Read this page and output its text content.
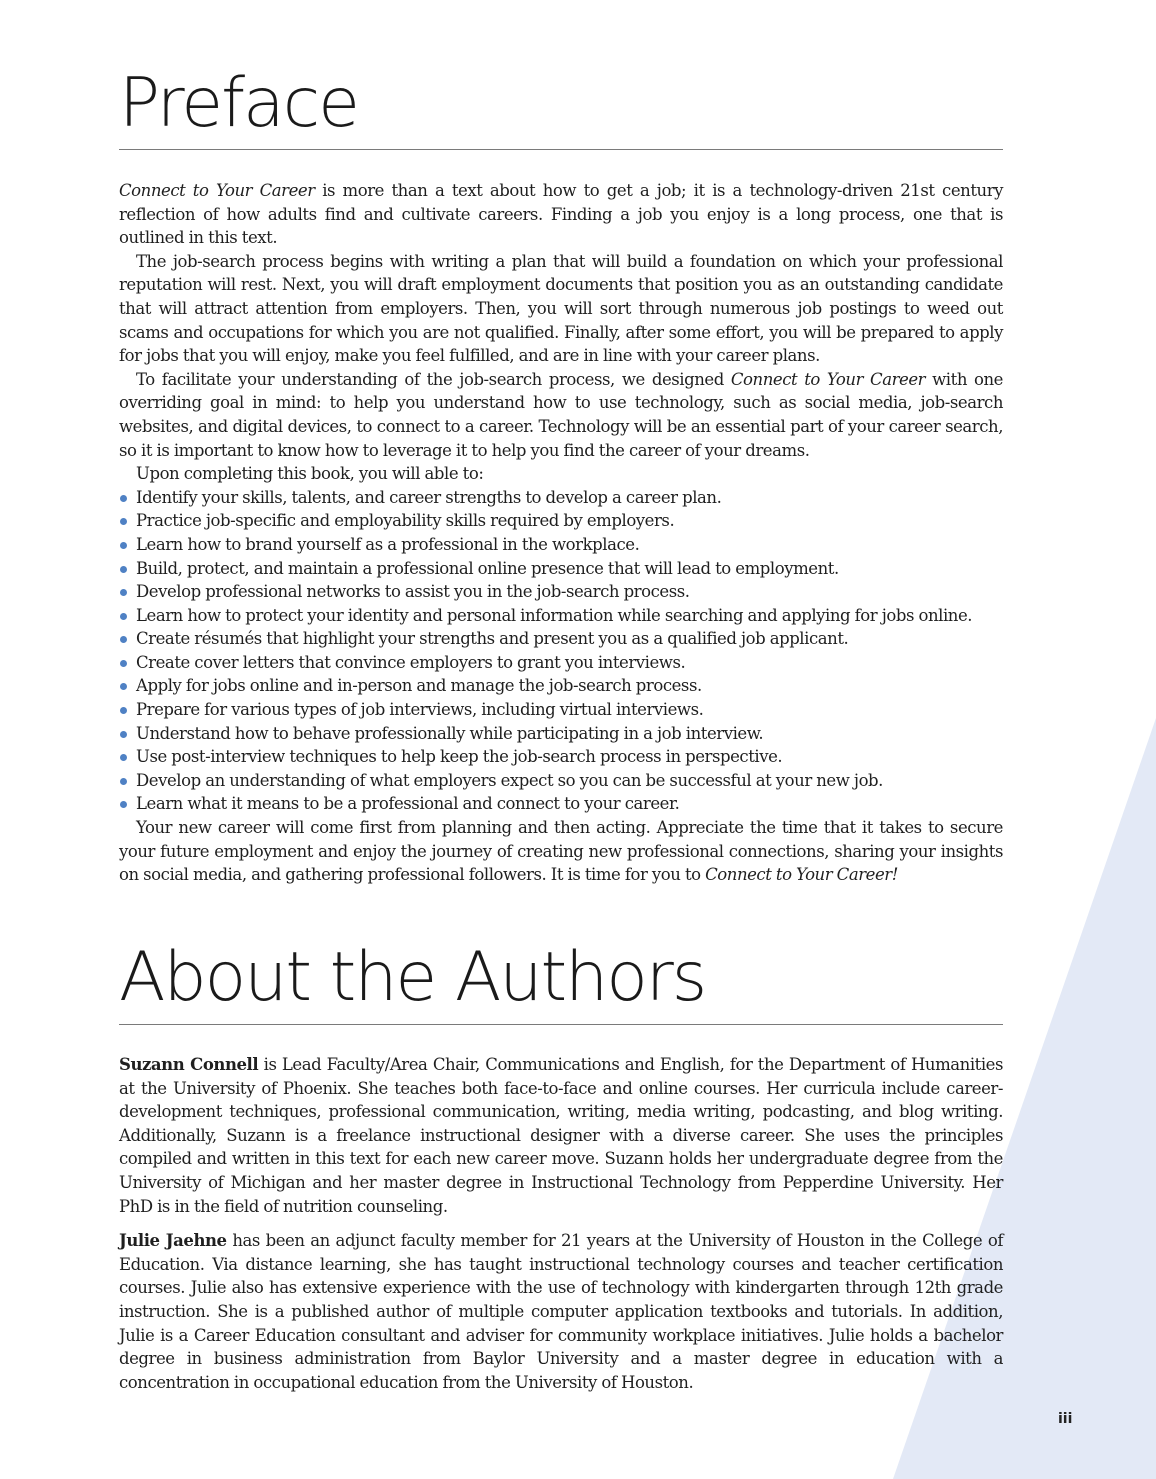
Preface

Connect to Your Career is more than a text about how to get a job; it is a technology-driven 21st century reflection of how adults find and cultivate careers. Finding a job you enjoy is a long process, one that is outlined in this text.

The job-search process begins with writing a plan that will build a foundation on which your professional reputation will rest. Next, you will draft employment documents that position you as an outstanding candidate that will attract attention from employers. Then, you will sort through numerous job postings to weed out scams and occupations for which you are not qualified. Finally, after some effort, you will be prepared to apply for jobs that you will enjoy, make you feel fulfilled, and are in line with your career plans.

To facilitate your understanding of the job-search process, we designed Connect to Your Career with one overriding goal in mind: to help you understand how to use technology, such as social media, job-search websites, and digital devices, to connect to a career. Technology will be an essential part of your career search, so it is important to know how to leverage it to help you find the career of your dreams.

Upon completing this book, you will able to:

Identify your skills, talents, and career strengths to develop a career plan.
Practice job-specific and employability skills required by employers.
Learn how to brand yourself as a professional in the workplace.
Build, protect, and maintain a professional online presence that will lead to employment.
Develop professional networks to assist you in the job-search process.
Learn how to protect your identity and personal information while searching and applying for jobs online.
Create résumés that highlight your strengths and present you as a qualified job applicant.
Create cover letters that convince employers to grant you interviews.
Apply for jobs online and in-person and manage the job-search process.
Prepare for various types of job interviews, including virtual interviews.
Understand how to behave professionally while participating in a job interview.
Use post-interview techniques to help keep the job-search process in perspective.
Develop an understanding of what employers expect so you can be successful at your new job.
Learn what it means to be a professional and connect to your career.

Your new career will come first from planning and then acting. Appreciate the time that it takes to secure your future employment and enjoy the journey of creating new professional connections, sharing your insights on social media, and gathering professional followers. It is time for you to Connect to Your Career!

About the Authors

Suzann Connell is Lead Faculty/Area Chair, Communications and English, for the Department of Humanities at the University of Phoenix. She teaches both face-to-face and online courses. Her curricula include career-development techniques, professional communication, writing, media writing, podcasting, and blog writing. Additionally, Suzann is a freelance instructional designer with a diverse career. She uses the principles compiled and written in this text for each new career move. Suzann holds her undergraduate degree from the University of Michigan and her master degree in Instructional Technology from Pepperdine University. Her PhD is in the field of nutrition counseling.

Julie Jaehne has been an adjunct faculty member for 21 years at the University of Houston in the College of Education. Via distance learning, she has taught instructional technology courses and teacher certification courses. Julie also has extensive experience with the use of technology with kindergarten through 12th grade instruction. She is a published author of multiple computer application textbooks and tutorials. In addition, Julie is a Career Education consultant and adviser for community workplace initiatives. Julie holds a bachelor degree in business administration from Baylor University and a master degree in education with a concentration in occupational education from the University of Houston.

iii
